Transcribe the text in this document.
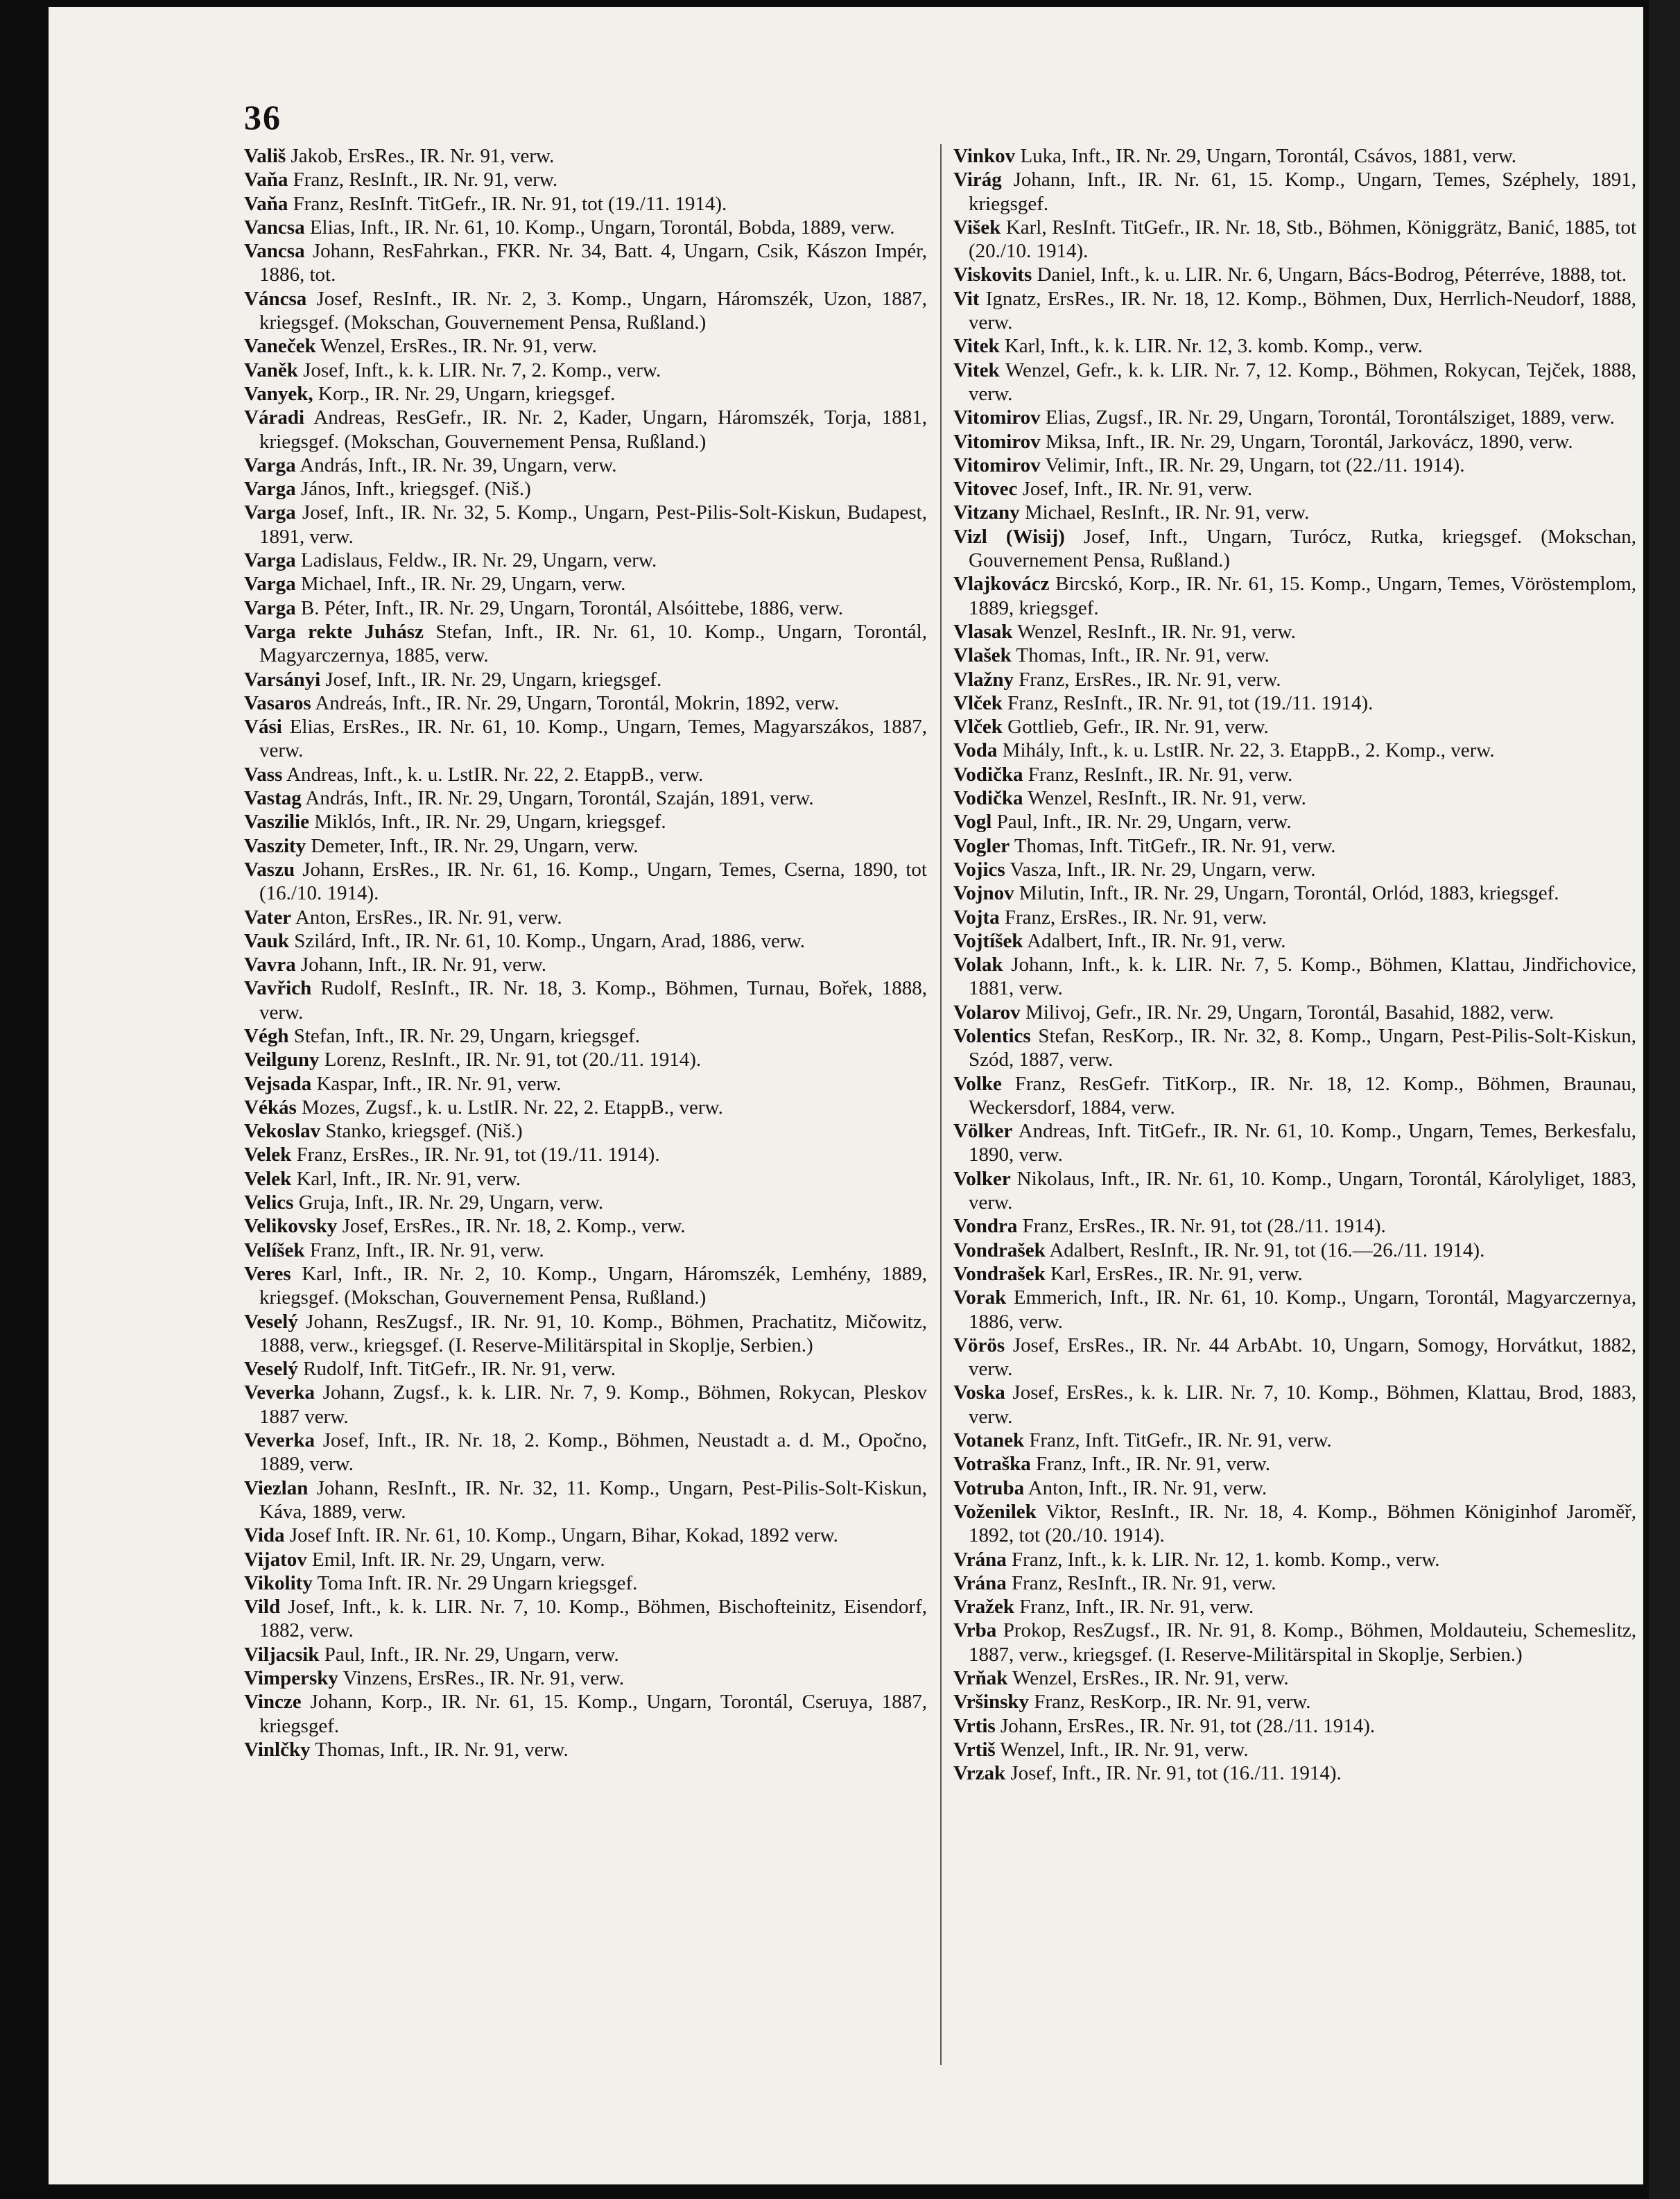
36
Vališ Jakob, ErsRes., IR. Nr. 91, verw.
Vaňa Franz, ResInft., IR. Nr. 91, verw.
Vaňa Franz, ResInft. TitGefr., IR. Nr. 91, tot (19./11. 1914).
Vancsa Elias, Inft., IR. Nr. 61, 10. Komp., Ungarn, Torontál, Bobda, 1889, verw.
Vancsa Johann, ResFahrkan., FKR. Nr. 34, Batt. 4, Ungarn, Csik, Kászon Impér, 1886, tot.
Váncsa Josef, ResInft., IR. Nr. 2, 3. Komp., Ungarn, Háromszék, Uzon, 1887, kriegsgef. (Mokschan, Gouvernement Pensa, Rußland.)
Vaneček Wenzel, ErsRes., IR. Nr. 91, verw.
Vaněk Josef, Inft., k. k. LIR. Nr. 7, 2. Komp., verw.
Vanyek, Korp., IR. Nr. 29, Ungarn, kriegsgef.
Váradi Andreas, ResGefr., IR. Nr. 2, Kader, Ungarn, Háromszék, Torja, 1881, kriegsgef. (Mokschan, Gouvernement Pensa, Rußland.)
Varga András, Inft., IR. Nr. 39, Ungarn, verw.
Varga János, Inft., kriegsgef. (Niš.)
Varga Josef, Inft., IR. Nr. 32, 5. Komp., Ungarn, Pest-Pilis-Solt-Kiskun, Budapest, 1891, verw.
Varga Ladislaus, Feldw., IR. Nr. 29, Ungarn, verw.
Varga Michael, Inft., IR. Nr. 29, Ungarn, verw.
Varga B. Péter, Inft., IR. Nr. 29, Ungarn, Torontál, Alsóittebe, 1886, verw.
Varga rekte Juhász Stefan, Inft., IR. Nr. 61, 10. Komp., Ungarn, Torontál, Magyarczernya, 1885, verw.
Varsányi Josef, Inft., IR. Nr. 29, Ungarn, kriegsgef.
Vasaros Andreás, Inft., IR. Nr. 29, Ungarn, Torontál, Mokrin, 1892, verw.
Vási Elias, ErsRes., IR. Nr. 61, 10. Komp., Ungarn, Temes, Magyarszákos, 1887, verw.
Vass Andreas, Inft., k. u. LstIR. Nr. 22, 2. EtappB., verw.
Vastag András, Inft., IR. Nr. 29, Ungarn, Torontál, Szaján, 1891, verw.
Vaszilie Miklós, Inft., IR. Nr. 29, Ungarn, kriegsgef.
Vaszity Demeter, Inft., IR. Nr. 29, Ungarn, verw.
Vaszu Johann, ErsRes., IR. Nr. 61, 16. Komp., Ungarn, Temes, Cserna, 1890, tot (16./10. 1914).
Vater Anton, ErsRes., IR. Nr. 91, verw.
Vauk Szilárd, Inft., IR. Nr. 61, 10. Komp., Ungarn, Arad, 1886, verw.
Vavra Johann, Inft., IR. Nr. 91, verw.
Vavřich Rudolf, ResInft., IR. Nr. 18, 3. Komp., Böhmen, Turnau, Bořek, 1888, verw.
Végh Stefan, Inft., IR. Nr. 29, Ungarn, kriegsgef.
Veilguny Lorenz, ResInft., IR. Nr. 91, tot (20./11. 1914).
Vejsada Kaspar, Inft., IR. Nr. 91, verw.
Vékás Mozes, Zugsf., k. u. LstIR. Nr. 22, 2. EtappB., verw.
Vekoslav Stanko, kriegsgef. (Niš.)
Velek Franz, ErsRes., IR. Nr. 91, tot (19./11. 1914).
Velek Karl, Inft., IR. Nr. 91, verw.
Velics Gruja, Inft., IR. Nr. 29, Ungarn, verw.
Velikovsky Josef, ErsRes., IR. Nr. 18, 2. Komp., verw.
Velíšek Franz, Inft., IR. Nr. 91, verw.
Veres Karl, Inft., IR. Nr. 2, 10. Komp., Ungarn, Háromszék, Lemhény, 1889, kriegsgef. (Mokschan, Gouvernement Pensa, Rußland.)
Veselý Johann, ResZugsf., IR. Nr. 91, 10. Komp., Böhmen, Prachatitz, Mičowitz, 1888, verw., kriegsgef. (I. Reserve-Militärspital in Skoplje, Serbien.)
Veselý Rudolf, Inft. TitGefr., IR. Nr. 91, verw.
Veverka Johann, Zugsf., k. k. LIR. Nr. 7, 9. Komp., Böhmen, Rokycan, Pleskov 1887 verw.
Veverka Josef, Inft., IR. Nr. 18, 2. Komp., Böhmen, Neustadt a. d. M., Opočno, 1889, verw.
Viezlan Johann, ResInft., IR. Nr. 32, 11. Komp., Ungarn, Pest-Pilis-Solt-Kiskun, Káva, 1889, verw.
Vida Josef Inft. IR. Nr. 61, 10. Komp., Ungarn, Bihar, Kokad, 1892 verw.
Vijatov Emil, Inft. IR. Nr. 29, Ungarn, verw.
Vikolity Toma Inft. IR. Nr. 29 Ungarn kriegsgef.
Vild Josef, Inft., k. k. LIR. Nr. 7, 10. Komp., Böhmen, Bischofteinitz, Eisendorf, 1882, verw.
Viljacsik Paul, Inft., IR. Nr. 29, Ungarn, verw.
Vimpersky Vinzens, ErsRes., IR. Nr. 91, verw.
Vincze Johann, Korp., IR. Nr. 61, 15. Komp., Ungarn, Torontál, Cseruya, 1887, kriegsgef.
Vinlčky Thomas, Inft., IR. Nr. 91, verw.
Vinkov Luka, Inft., IR. Nr. 29, Ungarn, Torontál, Csávos, 1881, verw.
Virág Johann, Inft., IR. Nr. 61, 15. Komp., Ungarn, Temes, Széphely, 1891, kriegsgef.
Višek Karl, ResInft. TitGefr., IR. Nr. 18, Stb., Böhmen, Königgrätz, Banić, 1885, tot (20./10. 1914).
Viskovits Daniel, Inft., k. u. LIR. Nr. 6, Ungarn, Bács-Bodrog, Péterréve, 1888, tot.
Vit Ignatz, ErsRes., IR. Nr. 18, 12. Komp., Böhmen, Dux, Herrlich-Neudorf, 1888, verw.
Vitek Karl, Inft., k. k. LIR. Nr. 12, 3. komb. Komp., verw.
Vitek Wenzel, Gefr., k. k. LIR. Nr. 7, 12. Komp., Böhmen, Rokycan, Tejček, 1888, verw.
Vitomirov Elias, Zugsf., IR. Nr. 29, Ungarn, Torontál, Torontálsziget, 1889, verw.
Vitomirov Miksa, Inft., IR. Nr. 29, Ungarn, Torontál, Jarkovácz, 1890, verw.
Vitomirov Velimir, Inft., IR. Nr. 29, Ungarn, tot (22./11. 1914).
Vitovec Josef, Inft., IR. Nr. 91, verw.
Vitzany Michael, ResInft., IR. Nr. 91, verw.
Vizl (Wisij) Josef, Inft., Ungarn, Turócz, Rutka, kriegsgef. (Mokschan, Gouvernement Pensa, Rußland.)
Vlajkovácz Bircskó, Korp., IR. Nr. 61, 15. Komp., Ungarn, Temes, Vöröstemplom, 1889, kriegsgef.
Vlasak Wenzel, ResInft., IR. Nr. 91, verw.
Vlašek Thomas, Inft., IR. Nr. 91, verw.
Vlažny Franz, ErsRes., IR. Nr. 91, verw.
Vlček Franz, ResInft., IR. Nr. 91, tot (19./11. 1914).
Vlček Gottlieb, Gefr., IR. Nr. 91, verw.
Voda Mihály, Inft., k. u. LstIR. Nr. 22, 3. EtappB., 2. Komp., verw.
Vodička Franz, ResInft., IR. Nr. 91, verw.
Vodička Wenzel, ResInft., IR. Nr. 91, verw.
Vogl Paul, Inft., IR. Nr. 29, Ungarn, verw.
Vogler Thomas, Inft. TitGefr., IR. Nr. 91, verw.
Vojics Vasza, Inft., IR. Nr. 29, Ungarn, verw.
Vojnov Milutin, Inft., IR. Nr. 29, Ungarn, Torontál, Orlód, 1883, kriegsgef.
Vojta Franz, ErsRes., IR. Nr. 91, verw.
Vojtíšek Adalbert, Inft., IR. Nr. 91, verw.
Volak Johann, Inft., k. k. LIR. Nr. 7, 5. Komp., Böhmen, Klattau, Jindřichovice, 1881, verw.
Volarov Milivoj, Gefr., IR. Nr. 29, Ungarn, Torontál, Basahid, 1882, verw.
Volentics Stefan, ResKorp., IR. Nr. 32, 8. Komp., Ungarn, Pest-Pilis-Solt-Kiskun, Szód, 1887, verw.
Volke Franz, ResGefr. TitKorp., IR. Nr. 18, 12. Komp., Böhmen, Braunau, Weckersdorf, 1884, verw.
Völker Andreas, Inft. TitGefr., IR. Nr. 61, 10. Komp., Ungarn, Temes, Berkesfalu, 1890, verw.
Volker Nikolaus, Inft., IR. Nr. 61, 10. Komp., Ungarn, Torontál, Károlyliget, 1883, verw.
Vondra Franz, ErsRes., IR. Nr. 91, tot (28./11. 1914).
Vondrašek Adalbert, ResInft., IR. Nr. 91, tot (16.—26./11. 1914).
Vondrašek Karl, ErsRes., IR. Nr. 91, verw.
Vorak Emmerich, Inft., IR. Nr. 61, 10. Komp., Ungarn, Torontál, Magyarczernya, 1886, verw.
Vörös Josef, ErsRes., IR. Nr. 44 ArbAbt. 10, Ungarn, Somogy, Horvátkut, 1882, verw.
Voska Josef, ErsRes., k. k. LIR. Nr. 7, 10. Komp., Böhmen, Klattau, Brod, 1883, verw.
Votanek Franz, Inft. TitGefr., IR. Nr. 91, verw.
Votraška Franz, Inft., IR. Nr. 91, verw.
Votruba Anton, Inft., IR. Nr. 91, verw.
Voženilek Viktor, ResInft., IR. Nr. 18, 4. Komp., Böhmen Königinhof Jaroměř, 1892, tot (20./10. 1914).
Vrána Franz, Inft., k. k. LIR. Nr. 12, 1. komb. Komp., verw.
Vrána Franz, ResInft., IR. Nr. 91, verw.
Vražek Franz, Inft., IR. Nr. 91, verw.
Vrba Prokop, ResZugsf., IR. Nr. 91, 8. Komp., Böhmen, Moldauteiu, Schemeslitz, 1887, verw., kriegsgef. (I. Reserve-Militärspital in Skoplje, Serbien.)
Vrňak Wenzel, ErsRes., IR. Nr. 91, verw.
Vršinsky Franz, ResKorp., IR. Nr. 91, verw.
Vrtis Johann, ErsRes., IR. Nr. 91, tot (28./11. 1914).
Vrtiš Wenzel, Inft., IR. Nr. 91, verw.
Vrzak Josef, Inft., IR. Nr. 91, tot (16./11. 1914).
